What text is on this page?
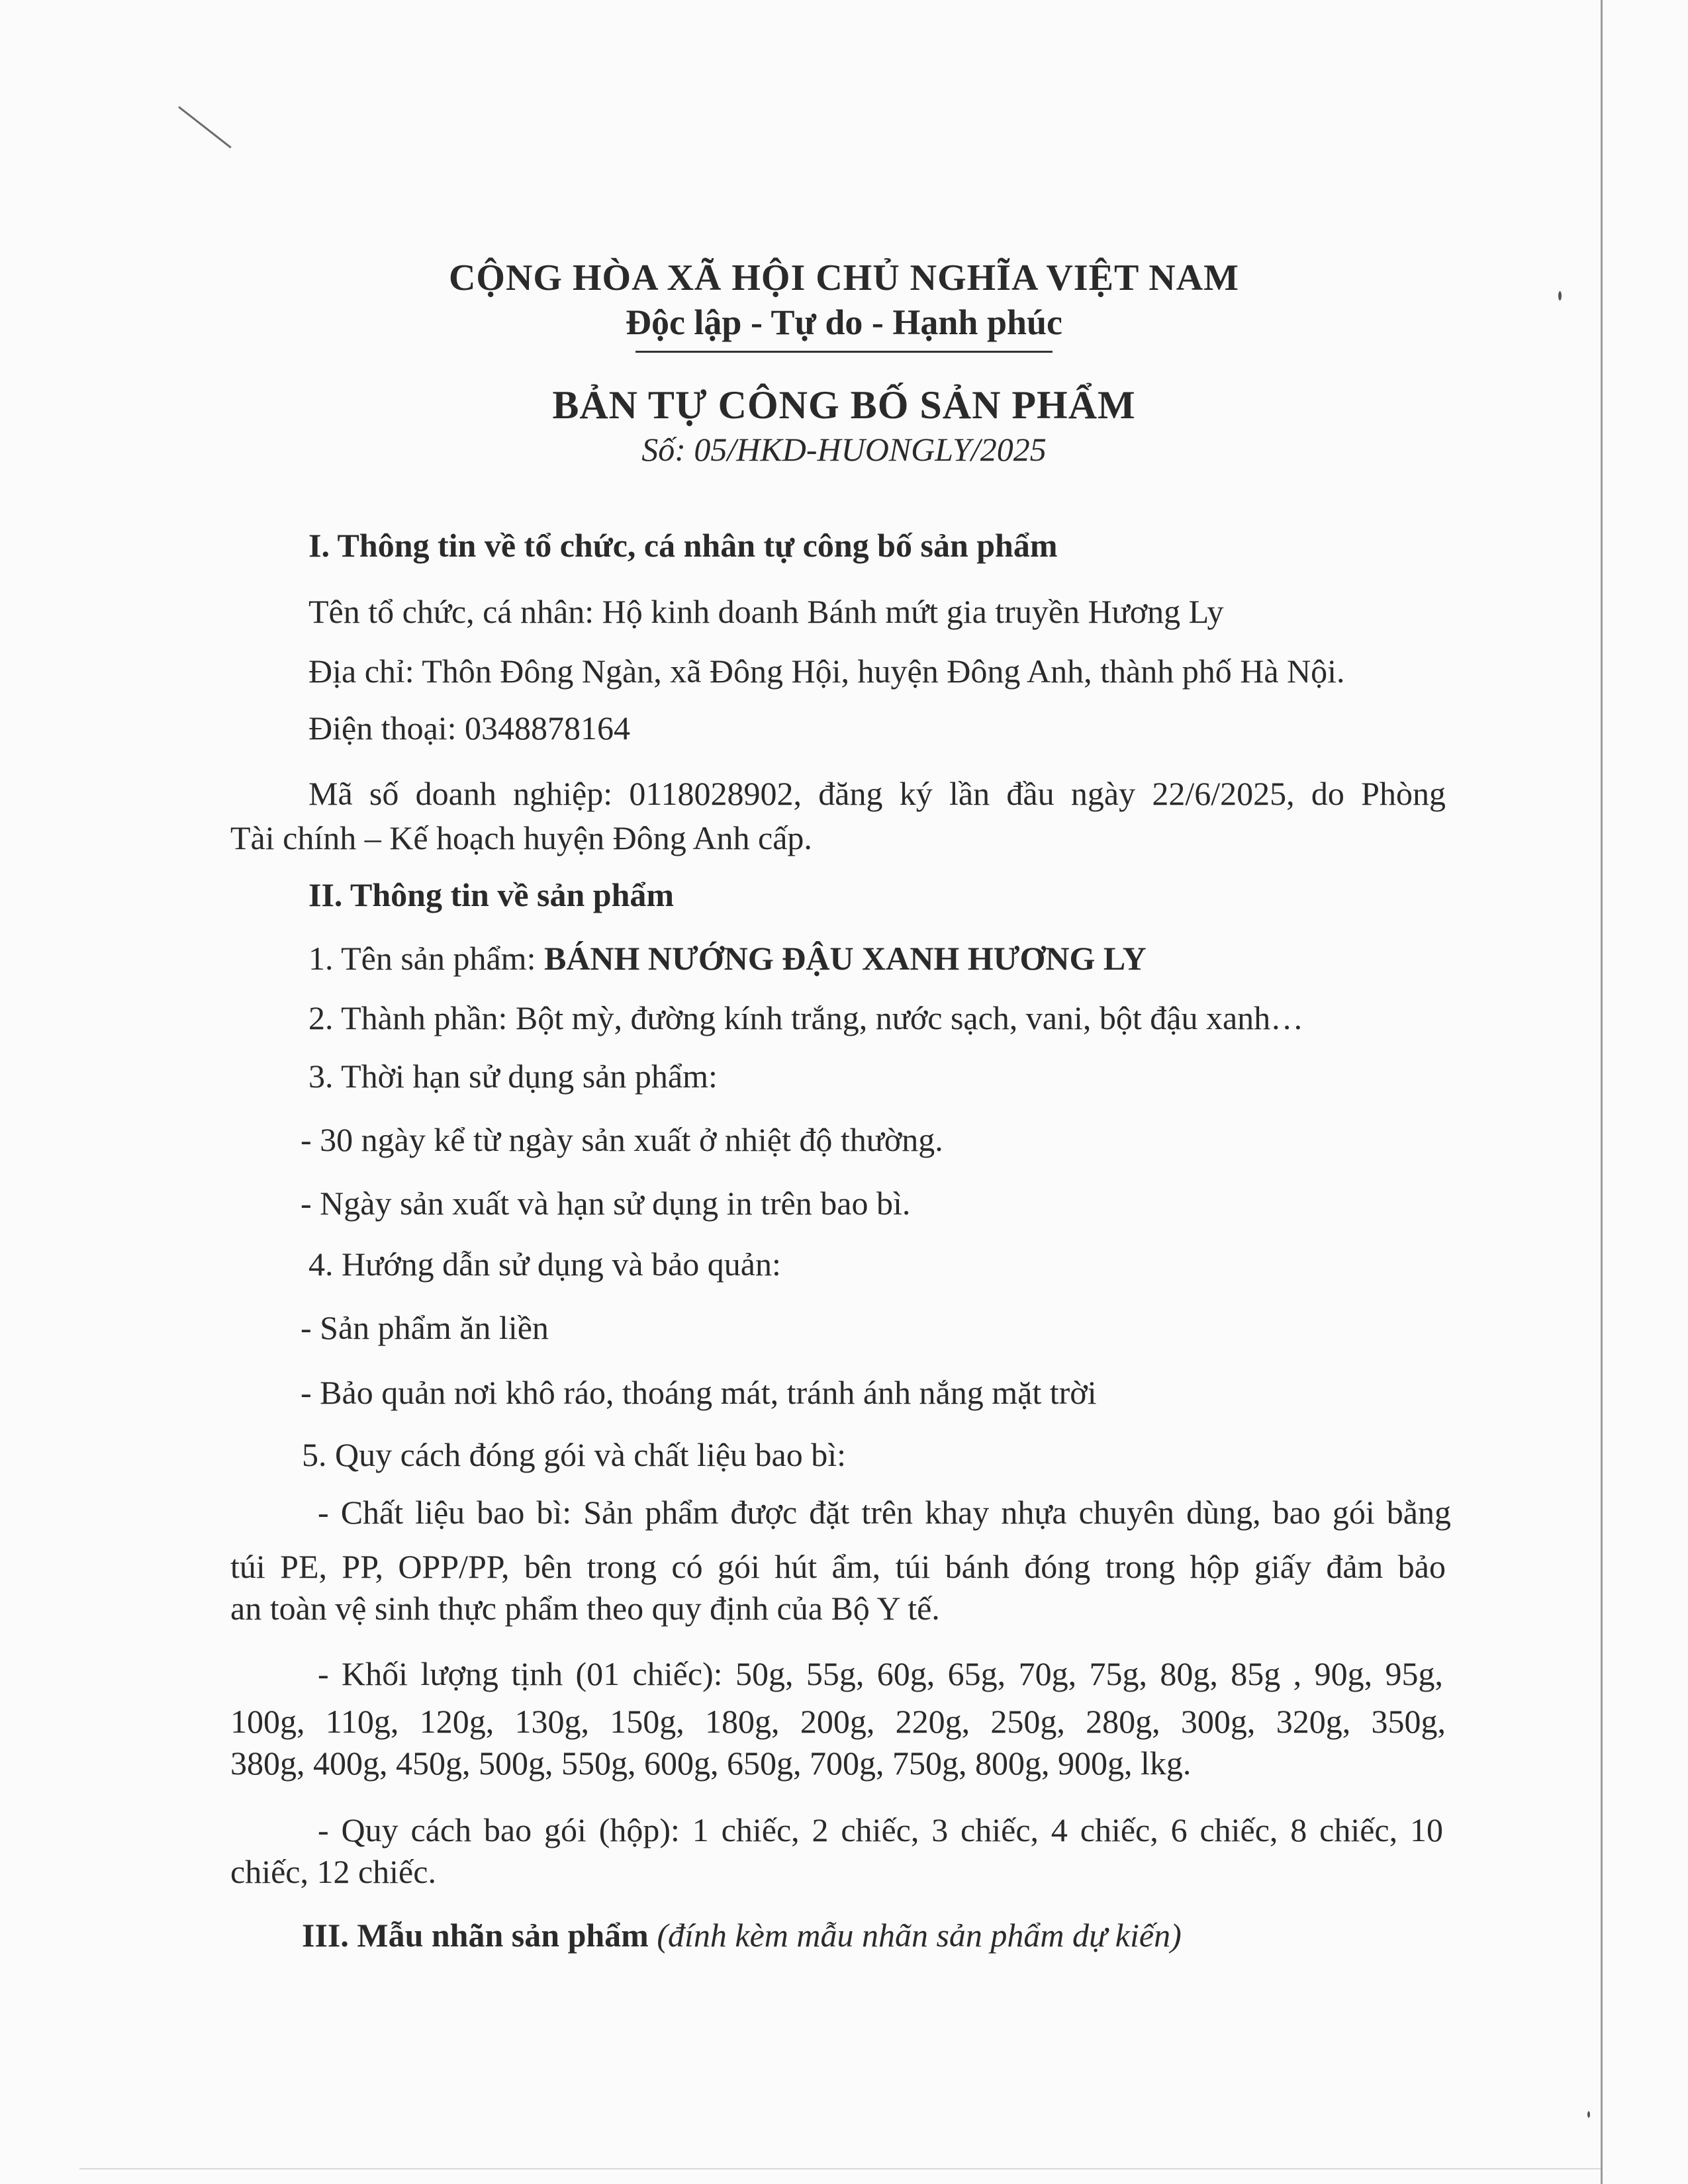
CỘNG HÒA XÃ HỘI CHỦ NGHĨA VIỆT NAM
Độc lập - Tự do - Hạnh phúc
BẢN TỰ CÔNG BỐ SẢN PHẨM
Số: 05/HKD-HUONGLY/2025
I. Thông tin về tổ chức, cá nhân tự công bố sản phẩm
Tên tổ chức, cá nhân: Hộ kinh doanh Bánh mứt gia truyền Hương Ly
Địa chỉ: Thôn Đông Ngàn, xã Đông Hội, huyện Đông Anh, thành phố Hà Nội.
Điện thoại: 0348878164
Mã số doanh nghiệp: 0118028902, đăng ký lần đầu ngày 22/6/2025, do Phòng
Tài chính – Kế hoạch huyện Đông Anh cấp.
II. Thông tin về sản phẩm
1. Tên sản phẩm: BÁNH NƯỚNG ĐẬU XANH HƯƠNG LY
2. Thành phần: Bột mỳ, đường kính trắng, nước sạch, vani, bột đậu xanh…
3. Thời hạn sử dụng sản phẩm:
- 30 ngày kể từ ngày sản xuất ở nhiệt độ thường.
- Ngày sản xuất và hạn sử dụng in trên bao bì.
4. Hướng dẫn sử dụng và bảo quản:
- Sản phẩm ăn liền
- Bảo quản nơi khô ráo, thoáng mát, tránh ánh nắng mặt trời
5. Quy cách đóng gói và chất liệu bao bì:
- Chất liệu bao bì: Sản phẩm được đặt trên khay nhựa chuyên dùng, bao gói bằng
túi PE, PP, OPP/PP, bên trong có gói hút ẩm, túi bánh đóng trong hộp giấy đảm bảo
an toàn vệ sinh thực phẩm theo quy định của Bộ Y tế.
- Khối lượng tịnh (01 chiếc): 50g, 55g, 60g, 65g, 70g, 75g, 80g, 85g , 90g, 95g,
100g, 110g, 120g, 130g, 150g, 180g, 200g, 220g, 250g, 280g, 300g, 320g, 350g,
380g, 400g, 450g, 500g, 550g, 600g, 650g, 700g, 750g, 800g, 900g, lkg.
- Quy cách bao gói (hộp): 1 chiếc, 2 chiếc, 3 chiếc, 4 chiếc, 6 chiếc, 8 chiếc, 10
chiếc, 12 chiếc.
III. Mẫu nhãn sản phẩm (đính kèm mẫu nhãn sản phẩm dự kiến)
